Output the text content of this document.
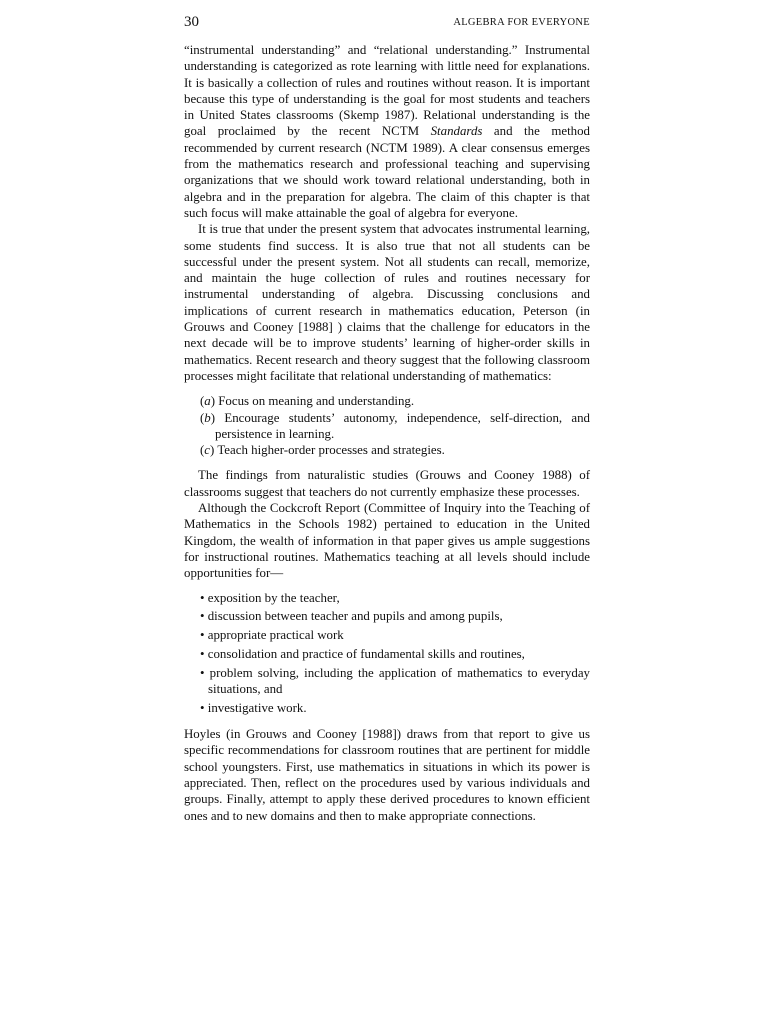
30	ALGEBRA FOR EVERYONE

“instrumental understanding” and “relational understanding.” Instrumental understanding is categorized as rote learning with little need for explanations. It is basically a collection of rules and routines without reason. It is important because this type of understanding is the goal for most students and teachers in United States classrooms (Skemp 1987). Relational understanding is the goal proclaimed by the recent NCTM Standards and the method recommended by current research (NCTM 1989). A clear consensus emerges from the mathematics research and professional teaching and supervising organizations that we should work toward relational understanding, both in algebra and in the preparation for algebra. The claim of this chapter is that such focus will make attainable the goal of algebra for everyone.

It is true that under the present system that advocates instrumental learning, some students find success. It is also true that not all students can be successful under the present system. Not all students can recall, memorize, and maintain the huge collection of rules and routines necessary for instrumental understanding of algebra. Discussing conclusions and implications of current research in mathematics education, Peterson (in Grouws and Cooney [1988] ) claims that the challenge for educators in the next decade will be to improve students’ learning of higher-order skills in mathematics. Recent research and theory suggest that the following classroom processes might facilitate that relational understanding of mathematics:

(a) Focus on meaning and understanding.
(b) Encourage students’ autonomy, independence, self-direction, and persistence in learning.
(c) Teach higher-order processes and strategies.

The findings from naturalistic studies (Grouws and Cooney 1988) of classrooms suggest that teachers do not currently emphasize these processes.

Although the Cockcroft Report (Committee of Inquiry into the Teaching of Mathematics in the Schools 1982) pertained to education in the United Kingdom, the wealth of information in that paper gives us ample suggestions for instructional routines. Mathematics teaching at all levels should include opportunities for—

• exposition by the teacher,
• discussion between teacher and pupils and among pupils,
• appropriate practical work
• consolidation and practice of fundamental skills and routines,
• problem solving, including the application of mathematics to everyday situations, and
• investigative work.

Hoyles (in Grouws and Cooney [1988]) draws from that report to give us specific recommendations for classroom routines that are pertinent for middle school youngsters. First, use mathematics in situations in which its power is appreciated. Then, reflect on the procedures used by various individuals and groups. Finally, attempt to apply these derived procedures to known efficient ones and to new domains and then to make appropriate connections.
